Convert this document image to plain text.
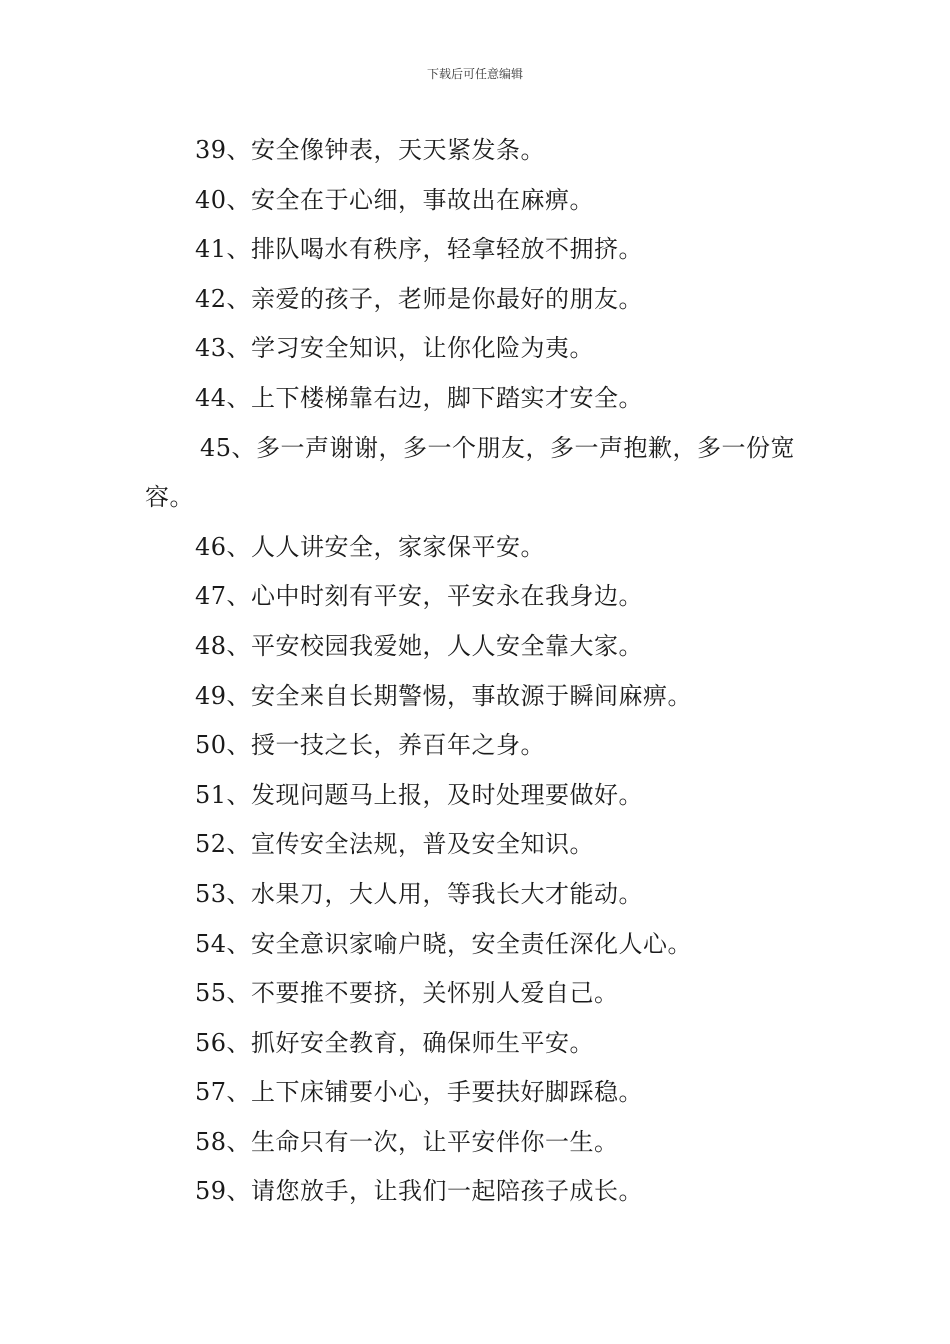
下载后可任意编辑
39、安全像钟表，天天紧发条。
40、安全在于心细，事故出在麻痹。
41、排队喝水有秩序，轻拿轻放不拥挤。
42、亲爱的孩子，老师是你最好的朋友。
43、学习安全知识，让你化险为夷。
44、上下楼梯靠右边，脚下踏实才安全。
45、多一声谢谢，多一个朋友，多一声抱歉，多一份宽容。
46、人人讲安全，家家保平安。
47、心中时刻有平安，平安永在我身边。
48、平安校园我爱她，人人安全靠大家。
49、安全来自长期警惕，事故源于瞬间麻痹。
50、授一技之长，养百年之身。
51、发现问题马上报，及时处理要做好。
52、宣传安全法规，普及安全知识。
53、水果刀，大人用，等我长大才能动。
54、安全意识家喻户晓，安全责任深化人心。
55、不要推不要挤，关怀别人爱自己。
56、抓好安全教育，确保师生平安。
57、上下床铺要小心，手要扶好脚踩稳。
58、生命只有一次，让平安伴你一生。
59、请您放手，让我们一起陪孩子成长。
